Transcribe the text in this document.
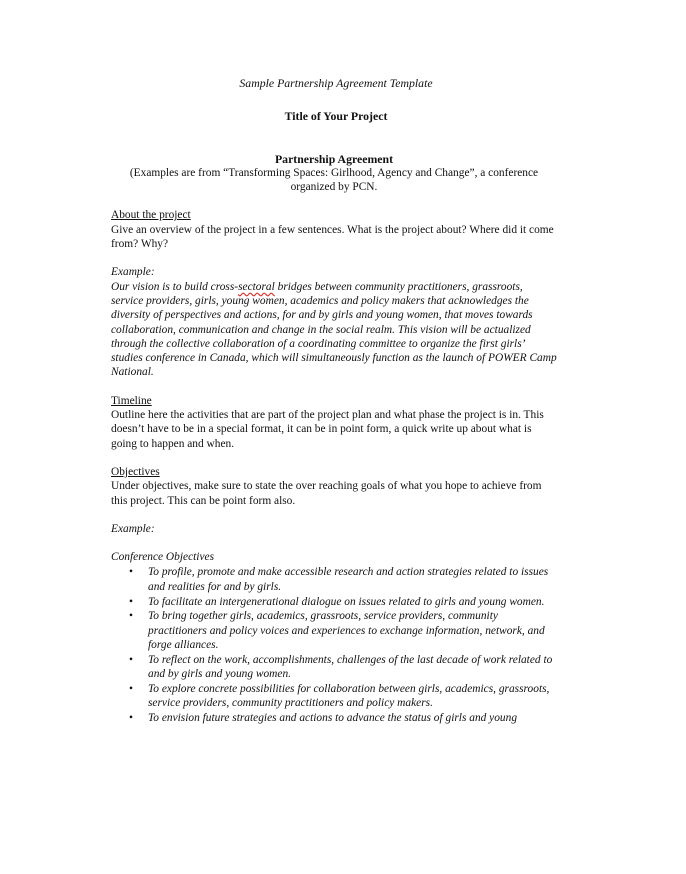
Sample Partnership Agreement Template
Title of Your Project
Partnership Agreement
(Examples are from “Transforming Spaces: Girlhood, Agency and Change”, a conference
organized by PCN.
About the project

Give an overview of the project in a few sentences. What is the project about? Where did it come from? Why?

Example:

Our vision is to build cross-sectoral bridges between community practitioners, grassroots, service providers, girls, young women, academics and policy makers that acknowledges the diversity of perspectives and actions, for and by girls and young women, that moves towards collaboration, communication and change in the social realm. This vision will be actualized through the collective collaboration of a coordinating committee to organize the first girls’ studies conference in Canada, which will simultaneously function as the launch of POWER Camp National.

Timeline

Outline here the activities that are part of the project plan and what phase the project is in. This doesn’t have to be in a special format, it can be in point form, a quick write up about what is going to happen and when.

Objectives

Under objectives, make sure to state the over reaching goals of what you hope to achieve from this project. This can be point form also.

Example:

Conference Objectives

• To profile, promote and make accessible research and action strategies related to issues and realities for and by girls.
• To facilitate an intergenerational dialogue on issues related to girls and young women.
• To bring together girls, academics, grassroots, service providers, community practitioners and policy voices and experiences to exchange information, network, and forge alliances.
• To reflect on the work, accomplishments, challenges of the last decade of work related to and by girls and young women.
• To explore concrete possibilities for collaboration between girls, academics, grassroots, service providers, community practitioners and policy makers.
• To envision future strategies and actions to advance the status of girls and young
